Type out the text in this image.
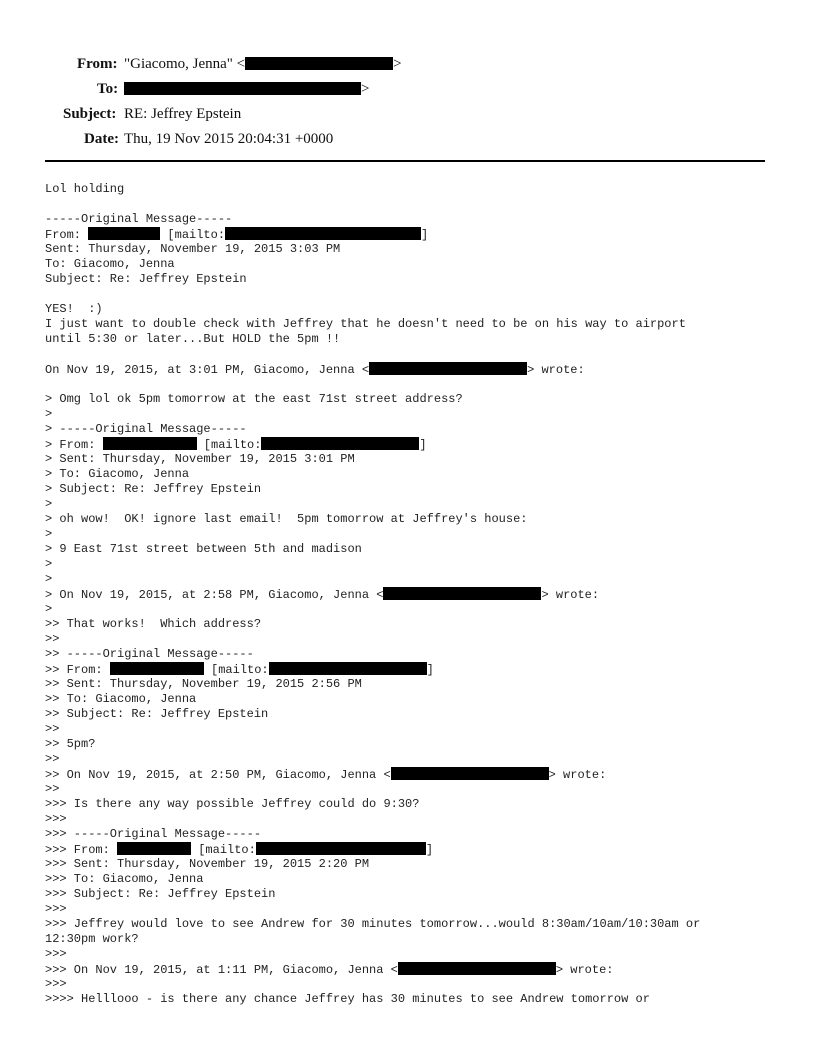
From: "Giacomo, Jenna" <	>
To:	>
Subject: RE: Jeffrey Epstein
Date: Thu, 19 Nov 2015 20:04:31 +0000
Lol holding
-----Original Message-----
From:	[mailto:	]
Sent: Thursday, November 19, 2015 3:03 PM
To: Giacomo, Jenna
Subject: Re: Jeffrey Epstein
YES!  :)
I just want to double check with Jeffrey that he doesn't need to be on his way to airport
until 5:30 or later...But HOLD the 5pm !!
On Nov 19, 2015, at 3:01 PM, Giacomo, Jenna <	> wrote:
> Omg lol ok 5pm tomorrow at the east 71st street address?
>
> -----Original Message-----
> From:	[mailto:	]
> Sent: Thursday, November 19, 2015 3:01 PM
> To: Giacomo, Jenna
> Subject: Re: Jeffrey Epstein
>
> oh wow!  OK! ignore last email!  5pm tomorrow at Jeffrey's house:
>
> 9 East 71st street between 5th and madison
>
>
> On Nov 19, 2015, at 2:58 PM, Giacomo, Jenna <	> wrote:
>
>> That works!  Which address?
>>
>> -----Original Message-----
>> From:	[mailto:	]
>> Sent: Thursday, November 19, 2015 2:56 PM
>> To: Giacomo, Jenna
>> Subject: Re: Jeffrey Epstein
>>
>> 5pm?
>>
>> On Nov 19, 2015, at 2:50 PM, Giacomo, Jenna <	> wrote:
>>
>>> Is there any way possible Jeffrey could do 9:30?
>>>
>>> -----Original Message-----
>>> From:	[mailto:	]
>>> Sent: Thursday, November 19, 2015 2:20 PM
>>> To: Giacomo, Jenna
>>> Subject: Re: Jeffrey Epstein
>>>
>>> Jeffrey would love to see Andrew for 30 minutes tomorrow...would 8:30am/10am/10:30am or
12:30pm work?
>>>
>>> On Nov 19, 2015, at 1:11 PM, Giacomo, Jenna <	> wrote:
>>>
>>>> Helllooo - is there any chance Jeffrey has 30 minutes to see Andrew tomorrow or
